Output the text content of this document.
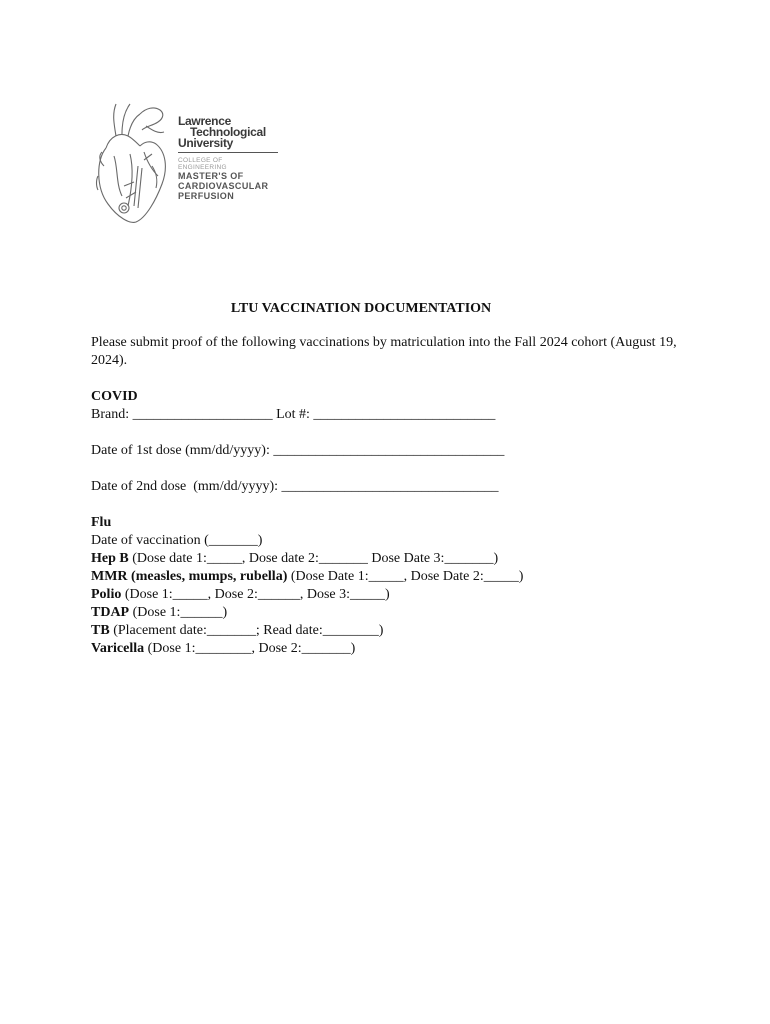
Lawrence
Technological
University
COLLEGE OF
ENGINEERING
MASTER'S OF
CARDIOVASCULAR
PERFUSION
LTU VACCINATION DOCUMENTATION
Please submit proof of the following vaccinations by matriculation into the Fall 2024 cohort (August 19, 2024).
COVID
Brand: ____________________ Lot #: __________________________
Date of 1st dose (mm/dd/yyyy): _________________________________
Date of 2nd dose  (mm/dd/yyyy): _______________________________
Flu
Date of vaccination (_______)
Hep B (Dose date 1:_____, Dose date 2:_______ Dose Date 3:_______)
MMR (measles, mumps, rubella) (Dose Date 1:_____, Dose Date 2:_____)
Polio (Dose 1:_____, Dose 2:______, Dose 3:_____)
TDAP (Dose 1:______)
TB (Placement date:_______; Read date:________)
Varicella (Dose 1:________, Dose 2:_______)
